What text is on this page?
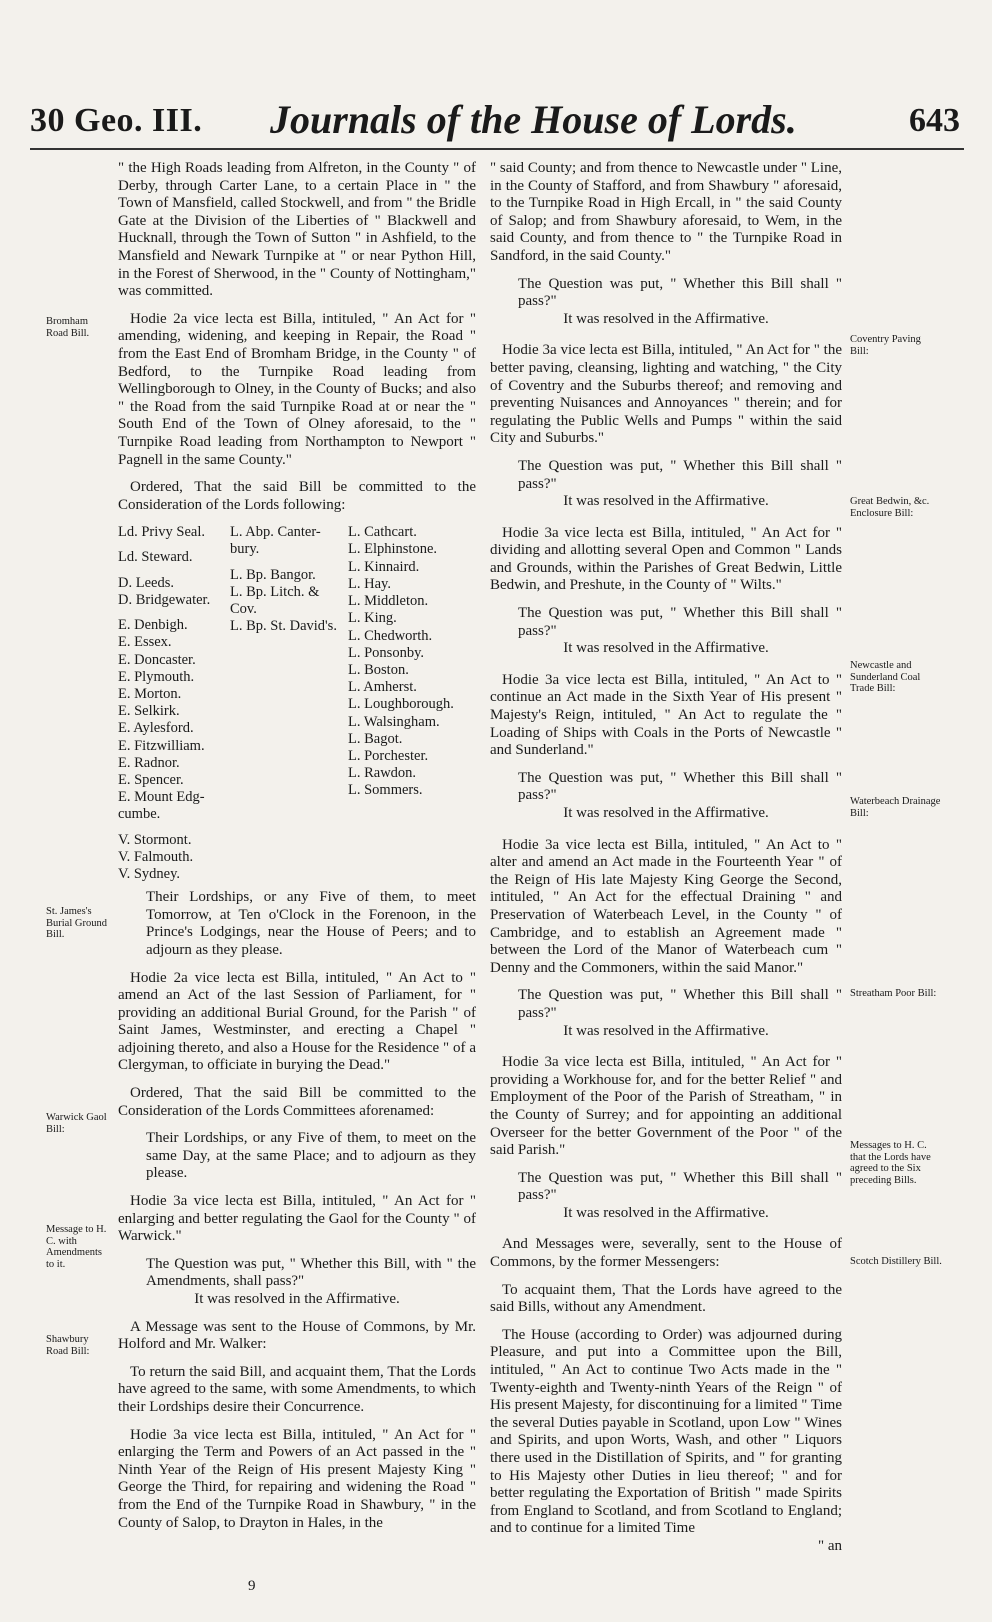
30 Geo. III. Journals of the House of Lords.	643
Bromham Road Bill.
St. James's Burial Ground Bill.
Warwick Gaol Bill:
Message to H. C. with Amendments to it.
Shawbury Road Bill:
Coventry Paving Bill:
Great Bedwin, &c. Enclosure Bill:
Newcastle and Sunderland Coal Trade Bill:
Waterbeach Drainage Bill:
Streatham Poor Bill:
Messages to H. C. that the Lords have agreed to the Six preceding Bills.
Scotch Distillery Bill.

" the High Roads leading from Alfreton, in the County " of Derby, through Carter Lane, to a certain Place in " the Town of Mansfield, called Stockwell, and from " the Bridle Gate at the Division of the Liberties of " Blackwell and Hucknall, through the Town of Sutton " in Ashfield, to the Mansfield and Newark Turnpike at " or near Python Hill, in the Forest of Sherwood, in the " County of Nottingham," was committed.

Hodie 2a vice lecta est Billa, intituled, " An Act for " amending, widening, and keeping in Repair, the Road " from the East End of Bromham Bridge, in the County " of Bedford, to the Turnpike Road leading from Wellingborough to Olney, in the County of Bucks; and also " the Road from the said Turnpike Road at or near the " South End of the Town of Olney aforesaid, to the " Turnpike Road leading from Northampton to Newport " Pagnell in the same County."

Ordered, That the said Bill be committed to the Consideration of the Lords following:

Ld. Privy Seal.
Ld. Steward.
D. Leeds.
D. Bridgewater.
E. Denbigh.
E. Essex.
E. Doncaster.
E. Plymouth.
E. Morton.
E. Selkirk.
E. Aylesford.
E. Fitzwilliam.
E. Radnor.
E. Spencer.
E. Mount Edg-
cumbe.
V. Stormont.
V. Falmouth.
V. Sydney.
L. Abp. Canter-
bury.
L. Bp. Bangor.
L. Bp. Litch. &
Cov.
L. Bp. St. David's.
L. Cathcart.
L. Elphinstone.
L. Kinnaird.
L. Hay.
L. Middleton.
L. King.
L. Chedworth.
L. Ponsonby.
L. Boston.
L. Amherst.
L. Loughborough.
L. Walsingham.
L. Bagot.
L. Porchester.
L. Rawdon.
L. Sommers.

Their Lordships, or any Five of them, to meet Tomorrow, at Ten o'Clock in the Forenoon, in the Prince's Lodgings, near the House of Peers; and to adjourn as they please.

Hodie 2a vice lecta est Billa, intituled, " An Act to " amend an Act of the last Session of Parliament, for " providing an additional Burial Ground, for the Parish " of Saint James, Westminster, and erecting a Chapel " adjoining thereto, and also a House for the Residence " of a Clergyman, to officiate in burying the Dead."

Ordered, That the said Bill be committed to the Consideration of the Lords Committees aforenamed:

Their Lordships, or any Five of them, to meet on the same Day, at the same Place; and to adjourn as they please.

Hodie 3a vice lecta est Billa, intituled, " An Act for " enlarging and better regulating the Gaol for the County " of Warwick."

The Question was put, " Whether this Bill, with " the Amendments, shall pass?"

It was resolved in the Affirmative.

A Message was sent to the House of Commons, by Mr. Holford and Mr. Walker:

To return the said Bill, and acquaint them, That the Lords have agreed to the same, with some Amendments, to which their Lordships desire their Concurrence.

Hodie 3a vice lecta est Billa, intituled, " An Act for " enlarging the Term and Powers of an Act passed in the " Ninth Year of the Reign of His present Majesty King " George the Third, for repairing and widening the Road " from the End of the Turnpike Road in Shawbury, " in the County of Salop, to Drayton in Hales, in the

" said County; and from thence to Newcastle under " Line, in the County of Stafford, and from Shawbury " aforesaid, to the Turnpike Road in High Ercall, in " the said County of Salop; and from Shawbury aforesaid, to Wem, in the said County, and from thence to " the Turnpike Road in Sandford, in the said County."

The Question was put, " Whether this Bill shall " pass?"

It was resolved in the Affirmative.

Hodie 3a vice lecta est Billa, intituled, " An Act for " the better paving, cleansing, lighting and watching, " the City of Coventry and the Suburbs thereof; and removing and preventing Nuisances and Annoyances " therein; and for regulating the Public Wells and Pumps " within the said City and Suburbs."

The Question was put, " Whether this Bill shall " pass?"

It was resolved in the Affirmative.

Hodie 3a vice lecta est Billa, intituled, " An Act for " dividing and allotting several Open and Common " Lands and Grounds, within the Parishes of Great Bedwin, Little Bedwin, and Preshute, in the County of " Wilts."

The Question was put, " Whether this Bill shall " pass?"

It was resolved in the Affirmative.

Hodie 3a vice lecta est Billa, intituled, " An Act to " continue an Act made in the Sixth Year of His present " Majesty's Reign, intituled, " An Act to regulate the " Loading of Ships with Coals in the Ports of Newcastle " and Sunderland."

The Question was put, " Whether this Bill shall " pass?"

It was resolved in the Affirmative.

Hodie 3a vice lecta est Billa, intituled, " An Act to " alter and amend an Act made in the Fourteenth Year " of the Reign of His late Majesty King George the Second, intituled, " An Act for the effectual Draining " and Preservation of Waterbeach Level, in the County " of Cambridge, and to establish an Agreement made " between the Lord of the Manor of Waterbeach cum " Denny and the Commoners, within the said Manor."

The Question was put, " Whether this Bill shall " pass?"

It was resolved in the Affirmative.

Hodie 3a vice lecta est Billa, intituled, " An Act for " providing a Workhouse for, and for the better Relief " and Employment of the Poor of the Parish of Streatham, " in the County of Surrey; and for appointing an additional Overseer for the better Government of the Poor " of the said Parish."

The Question was put, " Whether this Bill shall " pass?"

It was resolved in the Affirmative.

And Messages were, severally, sent to the House of Commons, by the former Messengers:

To acquaint them, That the Lords have agreed to the said Bills, without any Amendment.

The House (according to Order) was adjourned during Pleasure, and put into a Committee upon the Bill, intituled, " An Act to continue Two Acts made in the " Twenty-eighth and Twenty-ninth Years of the Reign " of His present Majesty, for discontinuing for a limited " Time the several Duties payable in Scotland, upon Low " Wines and Spirits, and upon Worts, Wash, and other " Liquors there used in the Distillation of Spirits, and " for granting to His Majesty other Duties in lieu thereof; " and for better regulating the Exportation of British " made Spirits from England to Scotland, and from Scotland to England; and to continue for a limited Time

" an
9
